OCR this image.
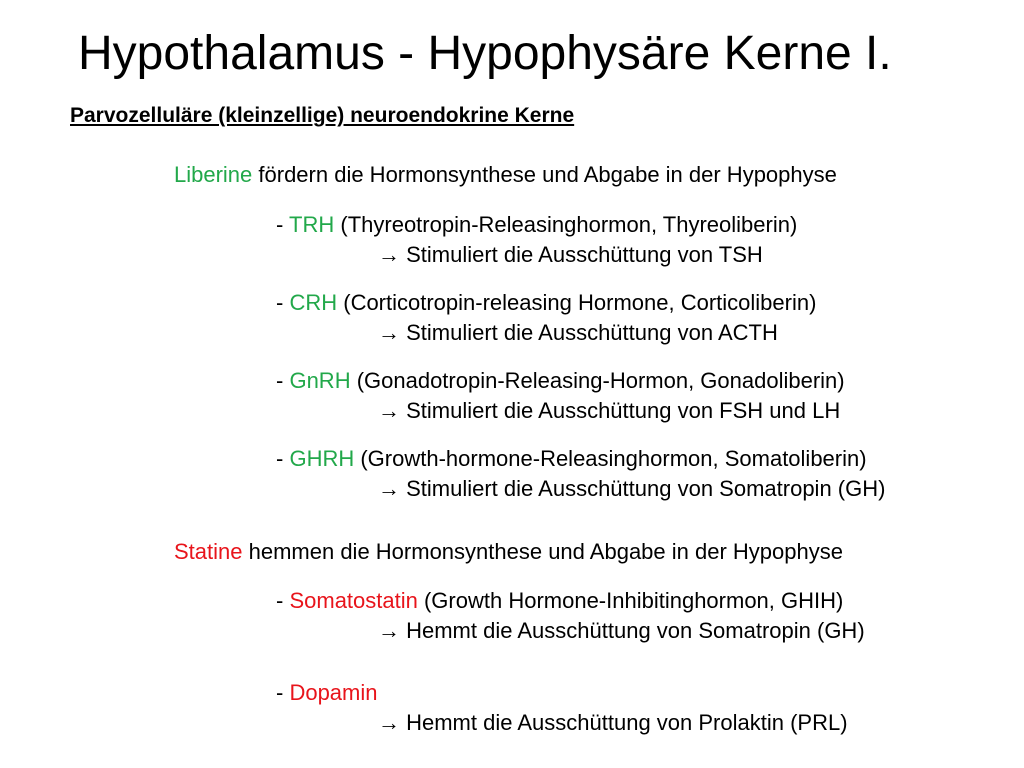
Hypothalamus - Hypophysäre Kerne I.
Parvozelluläre (kleinzellige) neuroendokrine Kerne
Liberine fördern die Hormonsynthese und Abgabe in der Hypophyse
- TRH (Thyreotropin-Releasinghormon, Thyreoliberin)
→ Stimuliert die Ausschüttung von TSH
- CRH (Corticotropin-releasing Hormone, Corticoliberin)
→ Stimuliert die Ausschüttung von ACTH
- GnRH (Gonadotropin-Releasing-Hormon, Gonadoliberin)
→ Stimuliert die Ausschüttung von FSH und LH
- GHRH (Growth-hormone-Releasinghormon, Somatoliberin)
→ Stimuliert die Ausschüttung von Somatropin (GH)
Statine hemmen die Hormonsynthese und Abgabe in der Hypophyse
- Somatostatin (Growth Hormone-Inhibitinghormon, GHIH)
→ Hemmt die Ausschüttung von Somatropin (GH)
- Dopamin
→ Hemmt die Ausschüttung von Prolaktin (PRL)
